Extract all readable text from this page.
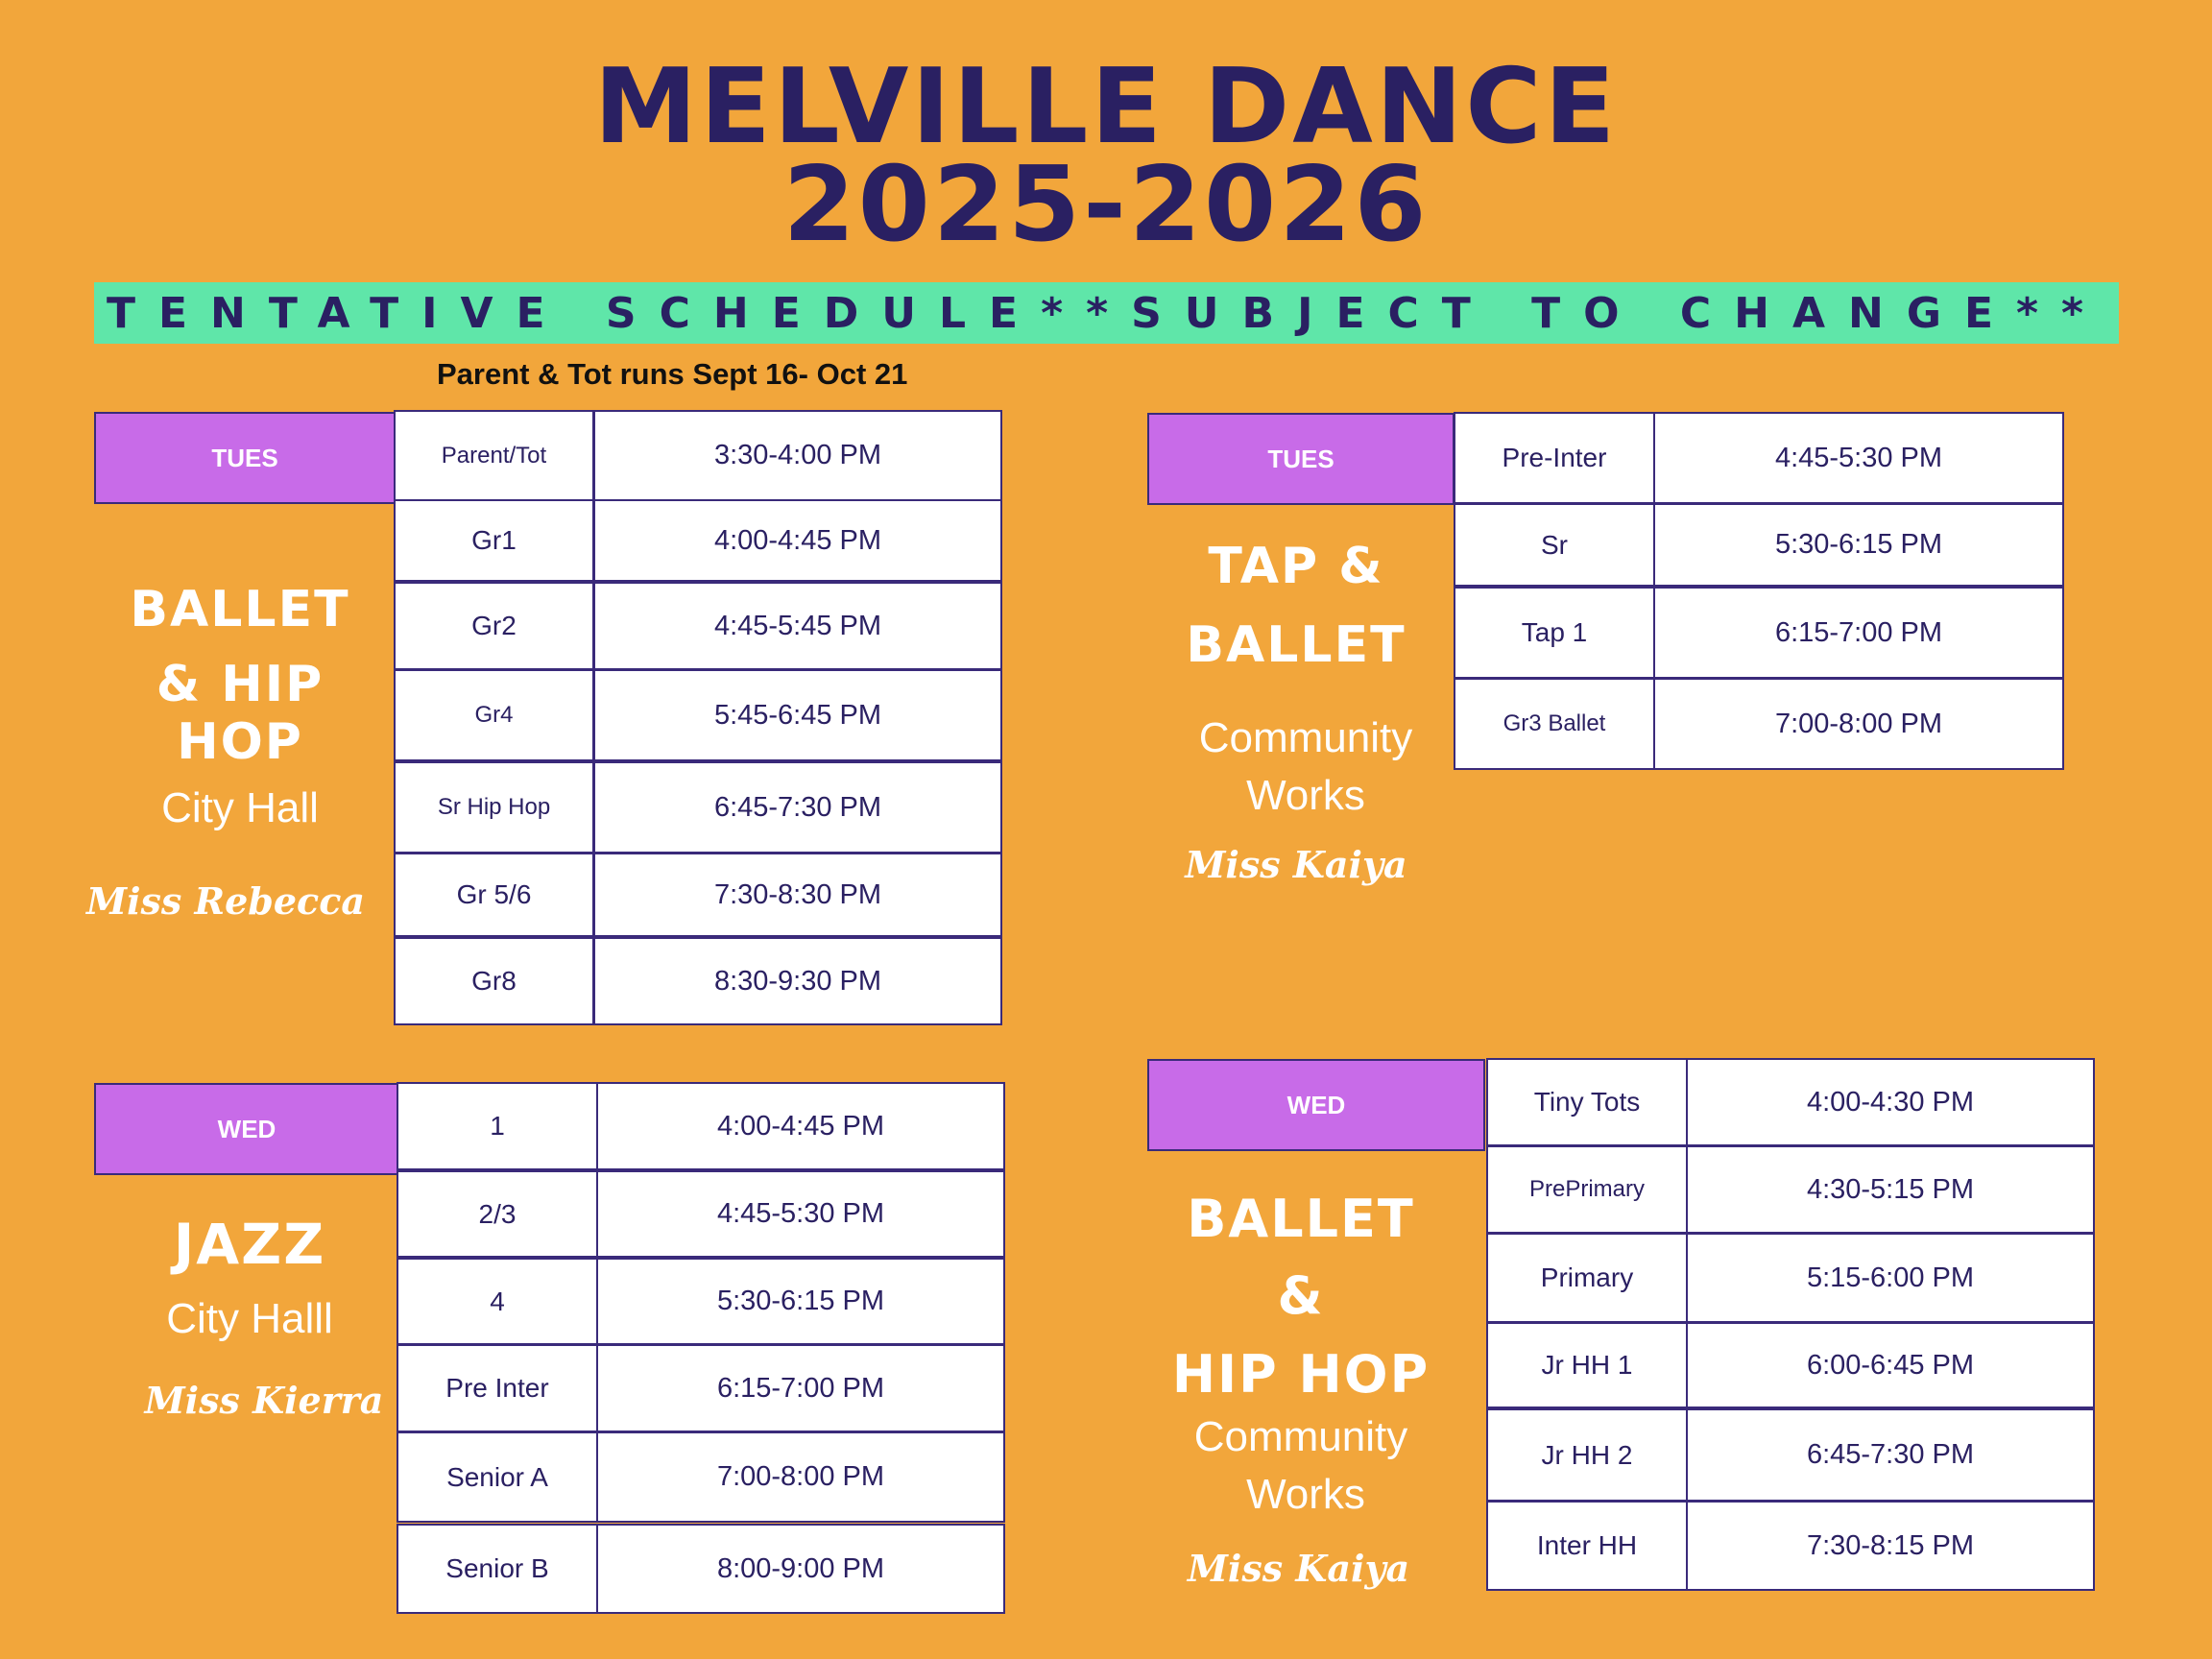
MELVILLE DANCE
2025-2026
TENTATIVE SCHEDULE**SUBJECT TO CHANGE**
Parent & Tot runs Sept 16- Oct 21
TUES
BALLET
& HIP HOP
City Hall
Miss Rebecca
Parent/Tot	3:30-4:00 PM
Gr1	4:00-4:45 PM
Gr2	4:45-5:45 PM
Gr4	5:45-6:45 PM
Sr Hip Hop	6:45-7:30 PM
Gr 5/6	7:30-8:30 PM
Gr8	8:30-9:30 PM
TUES
TAP &
BALLET
Community
Works
Miss Kaiya
Pre-Inter	4:45-5:30 PM
Sr	5:30-6:15 PM
Tap 1	6:15-7:00 PM
Gr3 Ballet	7:00-8:00 PM
WED
JAZZ
City Halll
Miss Kierra
1	4:00-4:45 PM
2/3	4:45-5:30 PM
4	5:30-6:15 PM
Pre Inter	6:15-7:00 PM
Senior A	7:00-8:00 PM
Senior B	8:00-9:00 PM
WED
BALLET
&
HIP HOP
Community
Works
Miss Kaiya
Tiny Tots	4:00-4:30 PM
PrePrimary	4:30-5:15 PM
Primary	5:15-6:00 PM
Jr HH 1	6:00-6:45 PM
Jr HH 2	6:45-7:30 PM
Inter HH	7:30-8:15 PM
